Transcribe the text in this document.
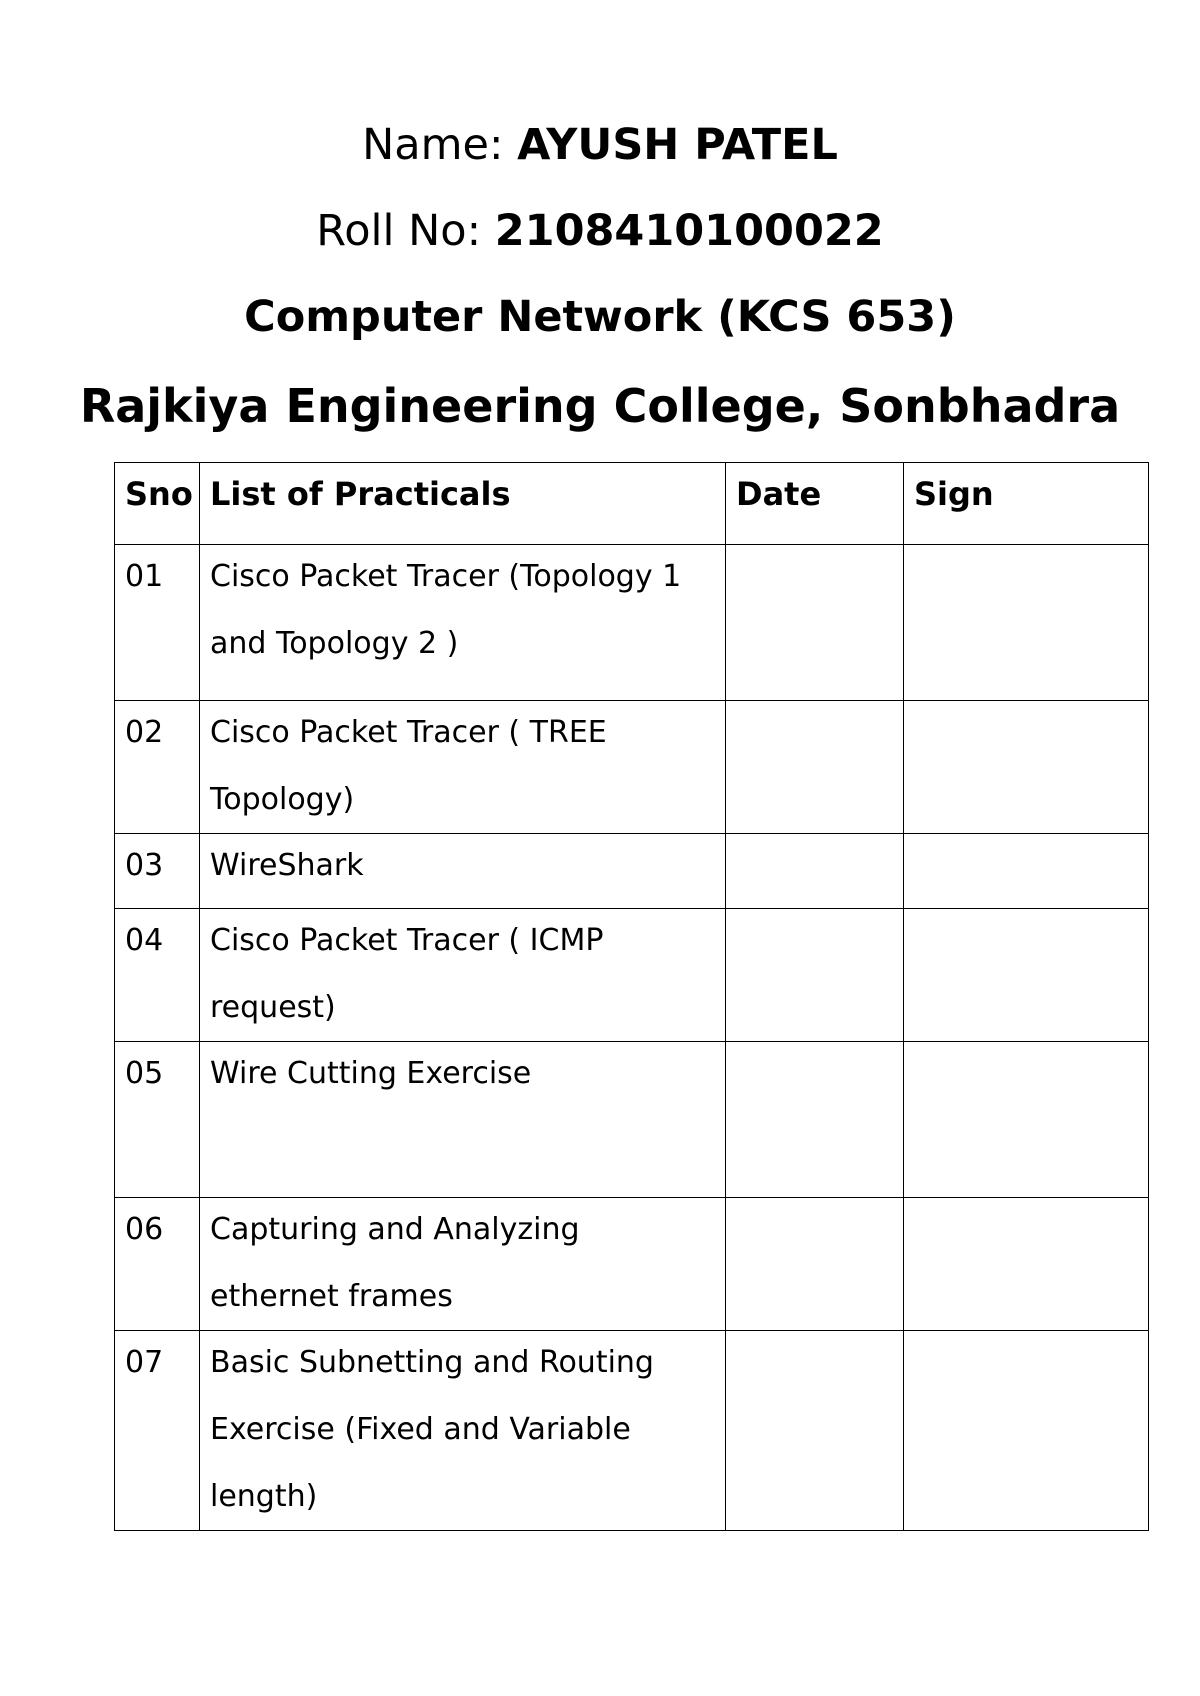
Name: AYUSH PATEL
Roll No: 2108410100022
Computer Network (KCS 653)
Rajkiya Engineering College, Sonbhadra
Sno	List of Practicals	Date	Sign

01	Cisco Packet Tracer (Topology 1 and Topology 2 )		

02	Cisco Packet Tracer ( TREE Topology)		

03	WireShark		

04	Cisco Packet Tracer ( ICMP request)		

05	Wire Cutting Exercise		

06	Capturing and Analyzing ethernet frames		

07	Basic Subnetting and Routing Exercise (Fixed and Variable length)		
